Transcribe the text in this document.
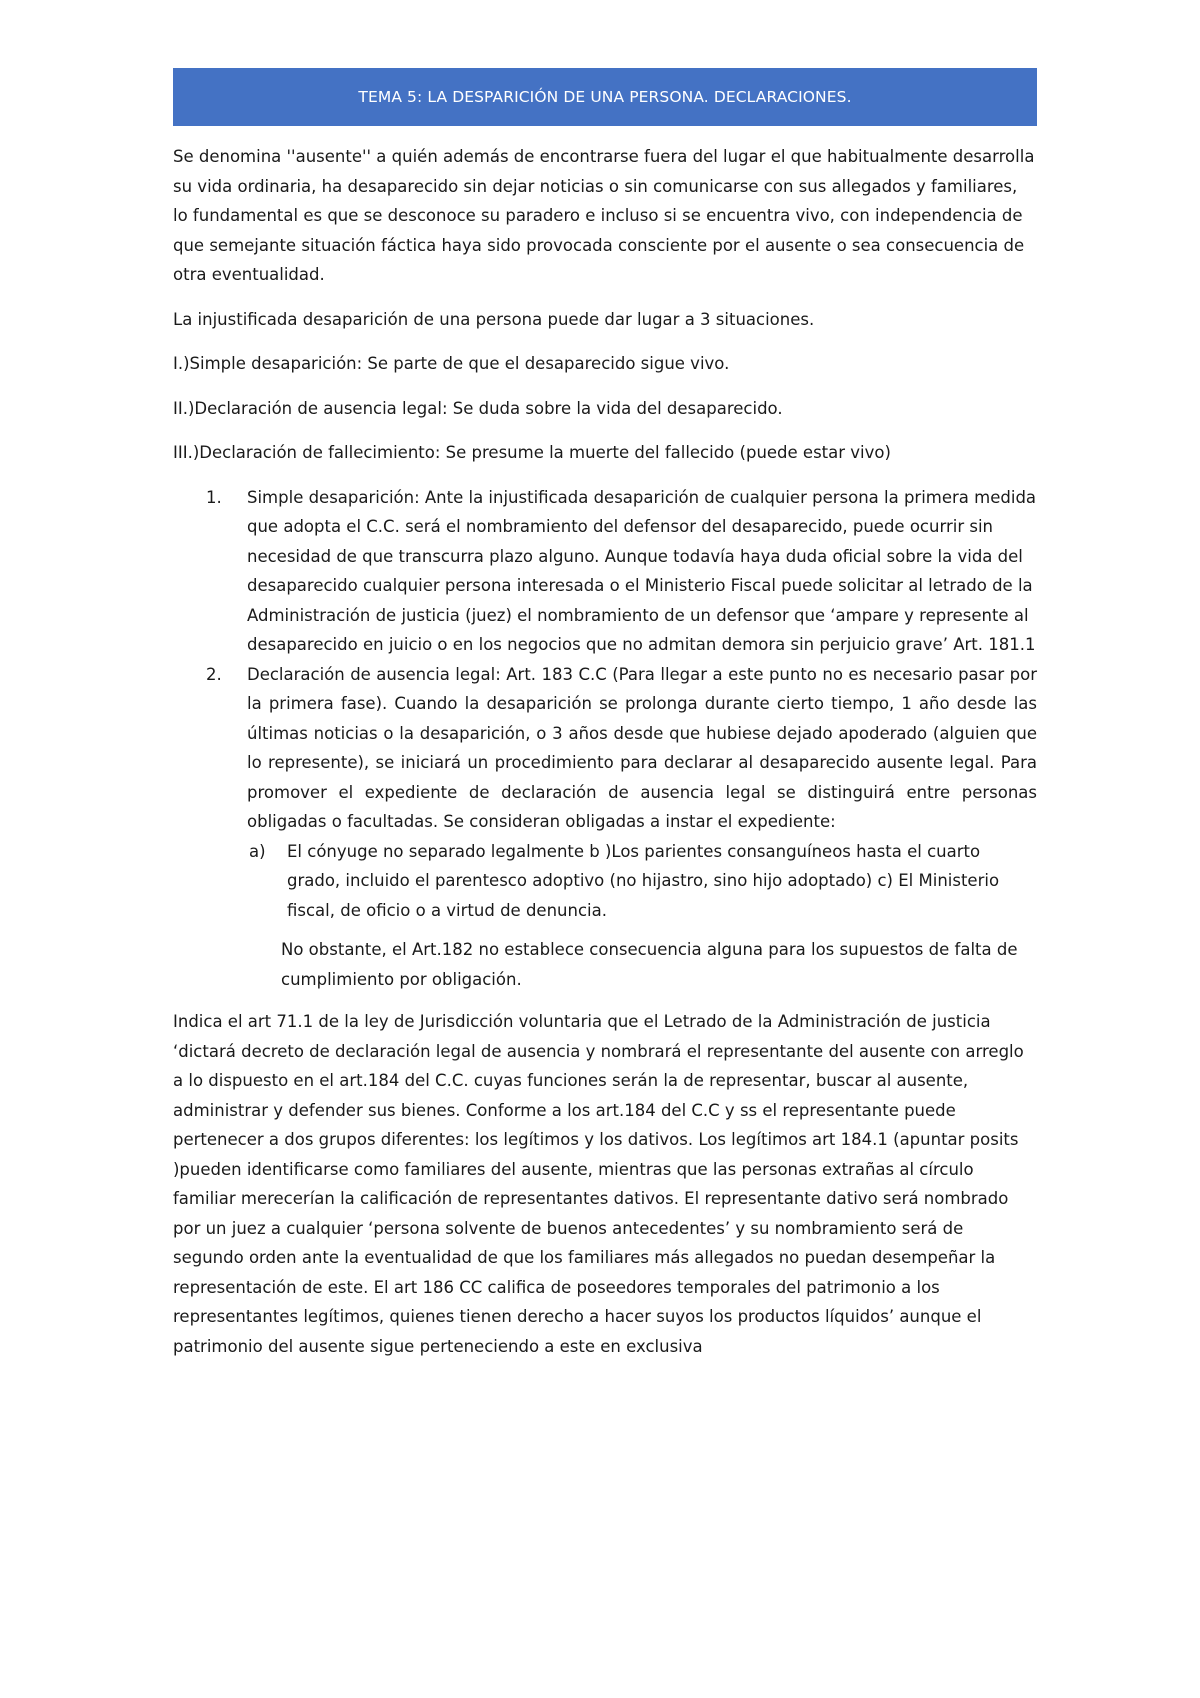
TEMA 5: LA DESPARICIÓN DE UNA PERSONA. DECLARACIONES.

Se denomina ''ausente'' a quién además de encontrarse fuera del lugar el que habitualmente desarrolla su vida ordinaria, ha desaparecido sin dejar noticias o sin comunicarse con sus allegados y familiares, lo fundamental es que se desconoce su paradero e incluso si se encuentra vivo, con independencia de que semejante situación fáctica haya sido provocada consciente por el ausente o sea consecuencia de otra eventualidad.

La injustificada desaparición de una persona puede dar lugar a 3 situaciones.

I.)Simple desaparición: Se parte de que el desaparecido sigue vivo.

II.)Declaración de ausencia legal: Se duda sobre la vida del desaparecido.

III.)Declaración de fallecimiento: Se presume la muerte del fallecido (puede estar vivo)

1. Simple desaparición: Ante la injustificada desaparición de cualquier persona la primera medida que adopta el C.C. será el nombramiento del defensor del desaparecido, puede ocurrir sin necesidad de que transcurra plazo alguno. Aunque todavía haya duda oficial sobre la vida del desaparecido cualquier persona interesada o el Ministerio Fiscal puede solicitar al letrado de la Administración de justicia (juez) el nombramiento de un defensor que ‘ampare y represente al desaparecido en juicio o en los negocios que no admitan demora sin perjuicio grave’ Art. 181.1
2. Declaración de ausencia legal: Art. 183 C.C (Para llegar a este punto no es necesario pasar por la primera fase). Cuando la desaparición se prolonga durante cierto tiempo, 1 año desde las últimas noticias o la desaparición, o 3 años desde que hubiese dejado apoderado (alguien que lo represente), se iniciará un procedimiento para declarar al desaparecido ausente legal. Para promover el expediente de declaración de ausencia legal se distinguirá entre personas obligadas o facultadas. Se consideran obligadas a instar el expediente:
a) El cónyuge no separado legalmente b )Los parientes consanguíneos hasta el cuarto grado, incluido el parentesco adoptivo (no hijastro, sino hijo adoptado) c) El Ministerio fiscal, de oficio o a virtud de denuncia.

No obstante, el Art.182 no establece consecuencia alguna para los supuestos de falta de cumplimiento por obligación.

Indica el art 71.1 de la ley de Jurisdicción voluntaria que el Letrado de la Administración de justicia ‘dictará decreto de declaración legal de ausencia y nombrará el representante del ausente con arreglo a lo dispuesto en el art.184 del C.C. cuyas funciones serán la de representar, buscar al ausente, administrar y defender sus bienes. Conforme a los art.184 del C.C y ss el representante puede pertenecer a dos grupos diferentes: los legítimos y los dativos. Los legítimos art 184.1 (apuntar posits )pueden identificarse como familiares del ausente, mientras que las personas extrañas al círculo familiar merecerían la calificación de representantes dativos. El representante dativo será nombrado por un juez a cualquier ‘persona solvente de buenos antecedentes’ y su nombramiento será de segundo orden ante la eventualidad de que los familiares más allegados no puedan desempeñar la representación de este. El art 186 CC califica de poseedores temporales del patrimonio a los representantes legítimos, quienes tienen derecho a hacer suyos los productos líquidos’ aunque el patrimonio del ausente sigue perteneciendo a este en exclusiva
